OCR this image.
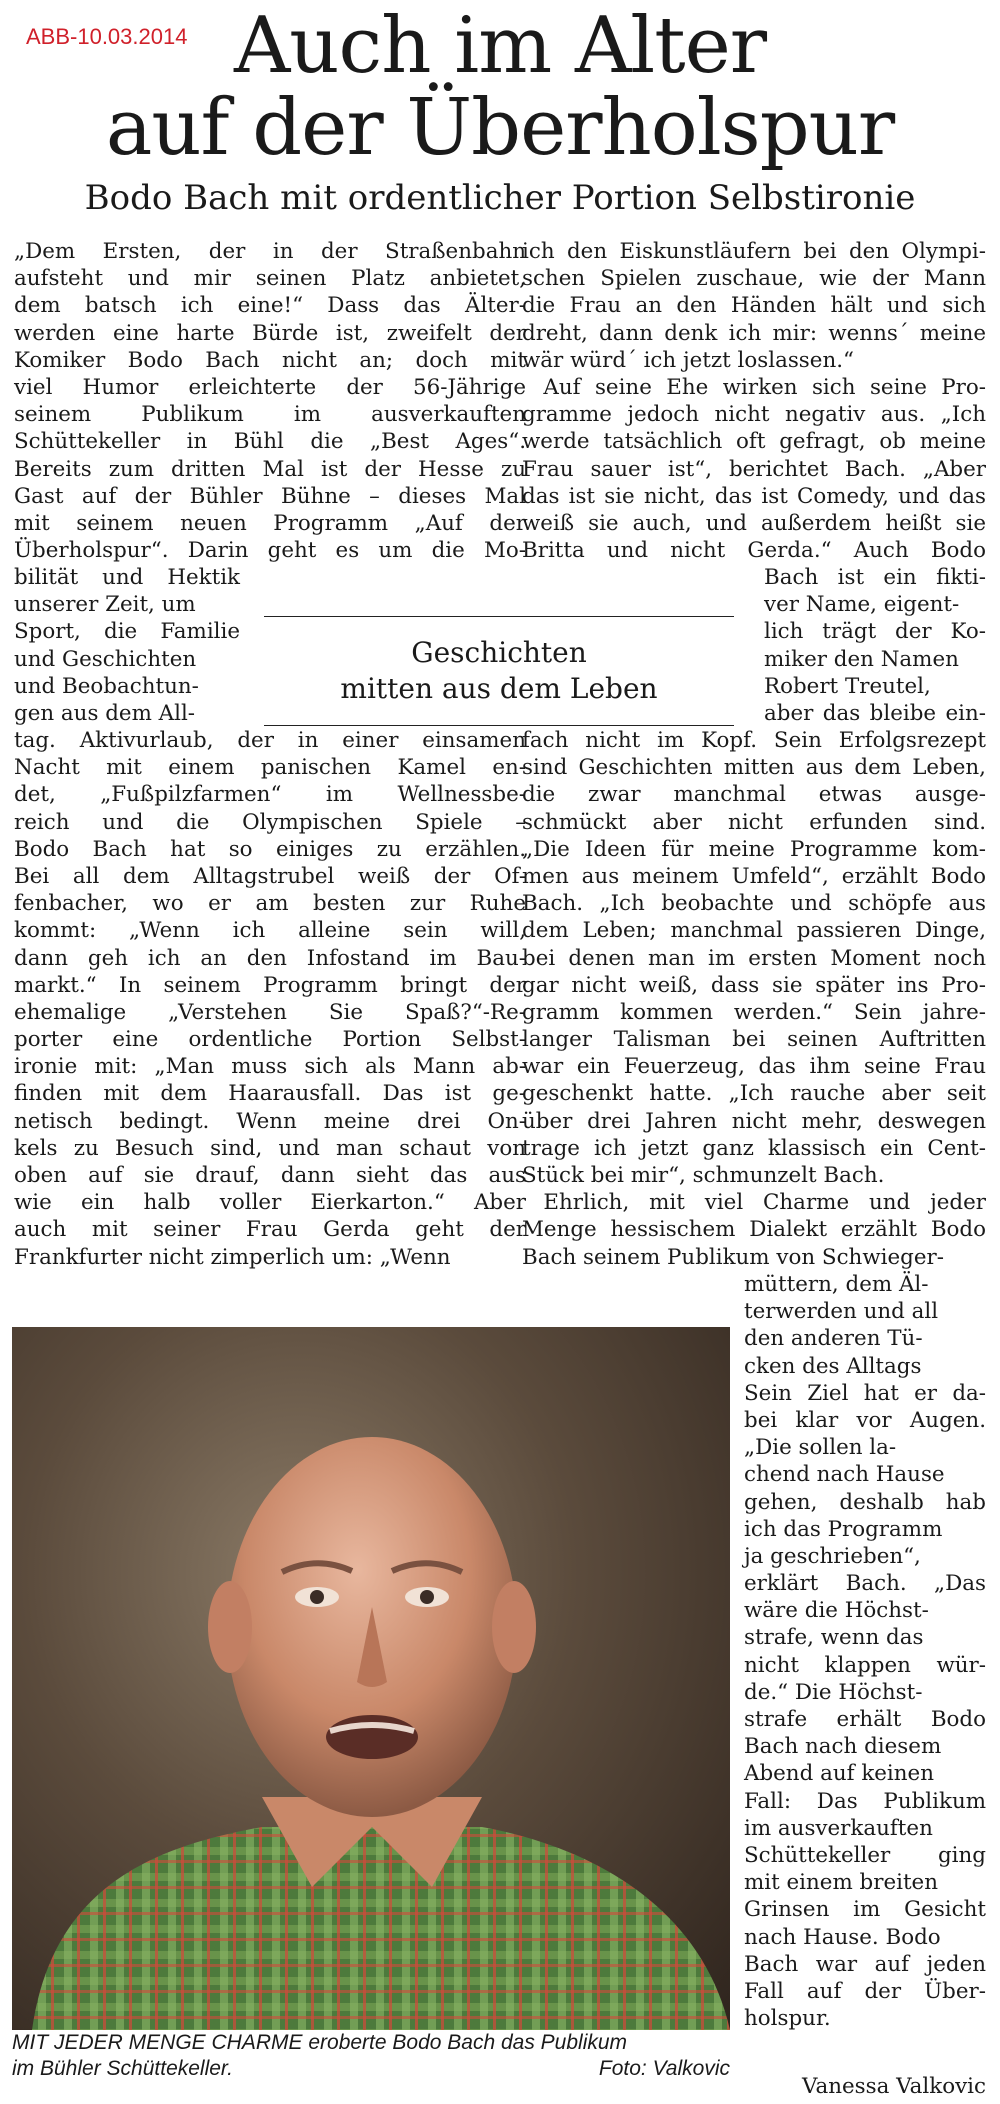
ABB-10.03.2014 Auch im Alter
auf der Überholspur
Bodo Bach mit ordentlicher Portion Selbstironie
„Dem Ersten, der in der Straßenbahn
aufsteht und mir seinen Platz anbietet,
dem batsch ich eine!“ Dass das Älter-
werden eine harte Bürde ist, zweifelt der
Komiker Bodo Bach nicht an; doch mit
viel Humor erleichterte der 56-Jährige
seinem Publikum im ausverkauften
Schüttekeller in Bühl die „Best Ages“.
Bereits zum dritten Mal ist der Hesse zu
Gast auf der Bühler Bühne – dieses Mal
mit seinem neuen Programm „Auf der
Überholspur“. Darin geht es um die Mo-
bilität und Hektik
unserer Zeit, um
Sport, die Familie
und Geschichten
und Beobachtun-
gen aus dem All-
tag. Aktivurlaub, der in einer einsamen
Nacht mit einem panischen Kamel en-
det, „Fußpilzfarmen“ im Wellnessbe-
reich und die Olympischen Spiele –
Bodo Bach hat so einiges zu erzählen.
Bei all dem Alltagstrubel weiß der Of-
fenbacher, wo er am besten zur Ruhe
kommt: „Wenn ich alleine sein will,
dann geh ich an den Infostand im Bau-
markt.“ In seinem Programm bringt der
ehemalige „Verstehen Sie Spaß?“-Re-
porter eine ordentliche Portion Selbst-
ironie mit: „Man muss sich als Mann ab-
finden mit dem Haarausfall. Das ist ge-
netisch bedingt. Wenn meine drei On-
kels zu Besuch sind, und man schaut von
oben auf sie drauf, dann sieht das aus
wie ein halb voller Eierkarton.“ Aber
auch mit seiner Frau Gerda geht der
Frankfurter nicht zimperlich um: „Wenn
Geschichten
mitten aus dem Leben
ich den Eiskunstläufern bei den Olympi-
schen Spielen zuschaue, wie der Mann
die Frau an den Händen hält und sich
dreht, dann denk ich mir: wenns´ meine
wär würd´ ich jetzt loslassen.“
 Auf seine Ehe wirken sich seine Pro-
gramme jedoch nicht negativ aus. „Ich
werde tatsächlich oft gefragt, ob meine
Frau sauer ist“, berichtet Bach. „Aber
das ist sie nicht, das ist Comedy, und das
weiß sie auch, und außerdem heißt sie
Britta und nicht Gerda.“ Auch Bodo
Bach ist ein fikti-
ver Name, eigent-
lich trägt der Ko-
miker den Namen
Robert Treutel,
aber das bleibe ein-
fach nicht im Kopf. Sein Erfolgsrezept
sind Geschichten mitten aus dem Leben,
die zwar manchmal etwas ausge-
schmückt aber nicht erfunden sind.
„Die Ideen für meine Programme kom-
men aus meinem Umfeld“, erzählt Bodo
Bach. „Ich beobachte und schöpfe aus
dem Leben; manchmal passieren Dinge,
bei denen man im ersten Moment noch
gar nicht weiß, dass sie später ins Pro-
gramm kommen werden.“ Sein jahre-
langer Talisman bei seinen Auftritten
war ein Feuerzeug, das ihm seine Frau
geschenkt hatte. „Ich rauche aber seit
über drei Jahren nicht mehr, deswegen
trage ich jetzt ganz klassisch ein Cent-
Stück bei mir“, schmunzelt Bach.
 Ehrlich, mit viel Charme und jeder
Menge hessischem Dialekt erzählt Bodo
Bach seinem Publikum von Schwieger-
müttern, dem Äl-
terwerden und all
den anderen Tü-
cken des Alltags
Sein Ziel hat er da-
bei klar vor Augen.
„Die sollen la-
chend nach Hause
gehen, deshalb hab
ich das Programm
ja geschrieben“,
erklärt Bach. „Das
wäre die Höchst-
strafe, wenn das
nicht klappen wür-
de.“ Die Höchst-
strafe erhält Bodo
Bach nach diesem
Abend auf keinen
Fall: Das Publikum
im ausverkauften
Schüttekeller ging
mit einem breiten
Grinsen im Gesicht
nach Hause. Bodo
Bach war auf jeden
Fall auf der Über-
holspur.
MIT JEDER MENGE CHARME eroberte Bodo Bach das Publikum
im Bühler Schüttekeller.	Foto: Valkovic
Vanessa Valkovic
